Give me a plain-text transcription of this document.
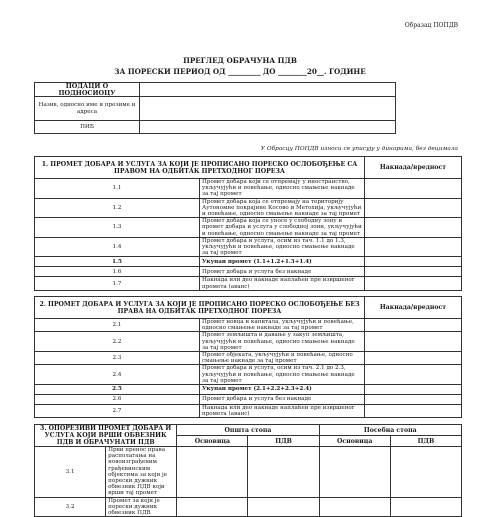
Образац ПОПДВ
ПРЕГЛЕД ОБРАЧУНА ПДВ
ЗА ПОРЕСКИ ПЕРИОД ОД _________ ДО ________20__. ГОДИНЕ
ПОДАЦИ О ПОДНОСИОЦУ	
Назив, односно име и презиме и адреса	
ПИБ	
У Обрасцу ПОПДВ износи се уписују у динарима, без децимала
1. ПРОМЕТ ДОБАРА И УСЛУГА ЗА КОЈИ ЈЕ ПРОПИСАНО ПОРЕСКО ОСЛОБОЂЕЊЕ СА ПРАВОМ НА ОДБИТАК ПРЕТХОДНОГ ПОРЕЗА		Накнада/вредност
1.1	Промет добара који се отпремају у иностранство, укључујући и повећање, односно смањење накнаде за тај промет	
1.2	Промет добара која се отпремају на територију Аутономне покрајине Косово и Метохија, укључујући и повећање, односно смањење накнаде за тај промет	
1.3	Промет добара која се уносе у слободну зону и промет добара и услуга у слободној зони, укључујући и повећање, односно смањење накнаде за тај промет	
1.4	Промет добара и услуга, осим из тач. 1.1 до 1.3, укључујући и повећање, односно смањење накнаде за тај промет	
1.5	Укупан промет (1.1+1.2+1.3+1.4)	
1.6	Промет добара и услуга без накнаде	
1.7	Накнада или део накнаде наплаћен пре извршеног промета (аванс)	
2. ПРОМЕТ ДОБАРА И УСЛУГА ЗА КОЈИ ЈЕ ПРОПИСАНО ПОРЕСКО ОСЛОБОЂЕЊЕ БЕЗ ПРАВА НА ОДБИТАК ПРЕТХОДНОГ ПОРЕЗА		Накнада/вредност
2.1	Промет новца и капитала, укључујући и повећање, односно смањење накнаде за тај промет	
2.2	Промет земљишта и давање у закуп земљишта, укључујући и повећање, односно смањење накнаде за тај промет	
2.3	Промет објеката, укључујући и повећање, односно смањење накнаде за тај промет	
2.4	Промет добара и услуга, осим из тач. 2.1 до 2.3, укључујући и повећање, односно смањење накнаде за тај промет	
2.5	Укупан промет (2.1+2.2+2.3+2.4)	
2.6	Промет добара и услуга без накнаде	
2.7	Накнада или део накнаде наплаћен пре извршеног промета (аванс)	
3. ОПОРЕЗИВИ ПРОМЕТ ДОБАРА И УСЛУГА КОЈИ ВРШИ ОБВЕЗНИК ПДВ И ОБРАЧУНАТИ ПДВ		Општа стопа		Посебна стопа	
		Основица	ПДВ	Основица	ПДВ
3.1	Први пренос права располагања на новоизграђеним грађевинским објектима за који је порески дужник обвезник ПДВ који врши тај промет				
3.2	Промет за који је порески дужник обвезник ПДВ				
